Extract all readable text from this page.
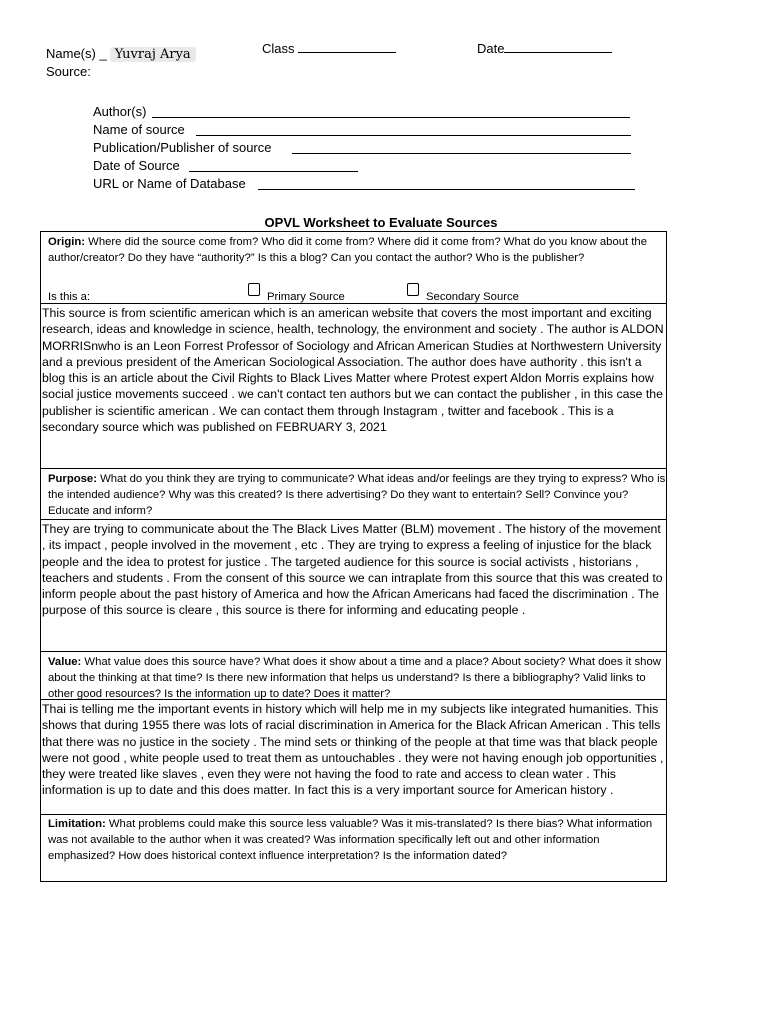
Name(s) _ Yuvraj Arya	Class	Date
Source:
Author(s)
Name of source
Publication/Publisher of source
Date of Source
URL or Name of Database
OPVL Worksheet to Evaluate Sources
Origin: Where did the source come from? Who did it come from? Where did it come from? What do you know about the author/creator? Do they have “authority?” Is this a blog? Can you contact the author? Who is the publisher?
Is this a:	Primary Source	Secondary Source
This source is from scientific american which is an american website that covers the most important and exciting research, ideas and knowledge in science, health, technology, the environment and society . The author is ALDON MORRISnwho is an Leon Forrest Professor of Sociology and African American Studies at Northwestern University and a previous president of the American Sociological Association. The author does have authority . this isn't a blog this is an article about the Civil Rights to Black Lives Matter where Protest expert Aldon Morris explains how social justice movements succeed . we can't contact ten authors but we can contact the publisher , in this case the publisher is scientific american . We can contact them through Instagram , twitter and facebook . This is a secondary source which was published on FEBRUARY 3, 2021
Purpose: What do you think they are trying to communicate? What ideas and/or feelings are they trying to express? Who is the intended audience? Why was this created? Is there advertising? Do they want to entertain? Sell? Convince you? Educate and inform?
They are trying to communicate about the The Black Lives Matter (BLM) movement . The history of the movement , its impact , people involved in the movement , etc . They are trying to express a feeling of injustice for the black people and the idea to protest for justice . The targeted audience for this source is social activists , historians , teachers and students . From the consent of this source we can intraplate from this source that this was created to inform people about the past history of America and how the African Americans had faced the discrimination . The purpose of this source is cleare , this source is there for informing and educating people .
Value: What value does this source have? What does it show about a time and a place? About society? What does it show about the thinking at that time? Is there new information that helps us understand? Is there a bibliography? Valid links to other good resources? Is the information up to date? Does it matter?
Thai is telling me the important events in history which will help me in my subjects like integrated humanities. This shows that during 1955 there was lots of racial discrimination in America for the Black African American . This tells that there was no justice in the society . The mind sets or thinking of the people at that time was that black people were not good , white people used to treat them as untouchables . they were not having enough job opportunities , they were treated like slaves , even they were not having the food to rate and access to clean water . This information is up to date and this does matter. In fact this is a very important source for American history .
Limitation: What problems could make this source less valuable? Was it mis-translated? Is there bias? What information was not available to the author when it was created? Was information specifically left out and other information emphasized? How does historical context influence interpretation? Is the information dated?
